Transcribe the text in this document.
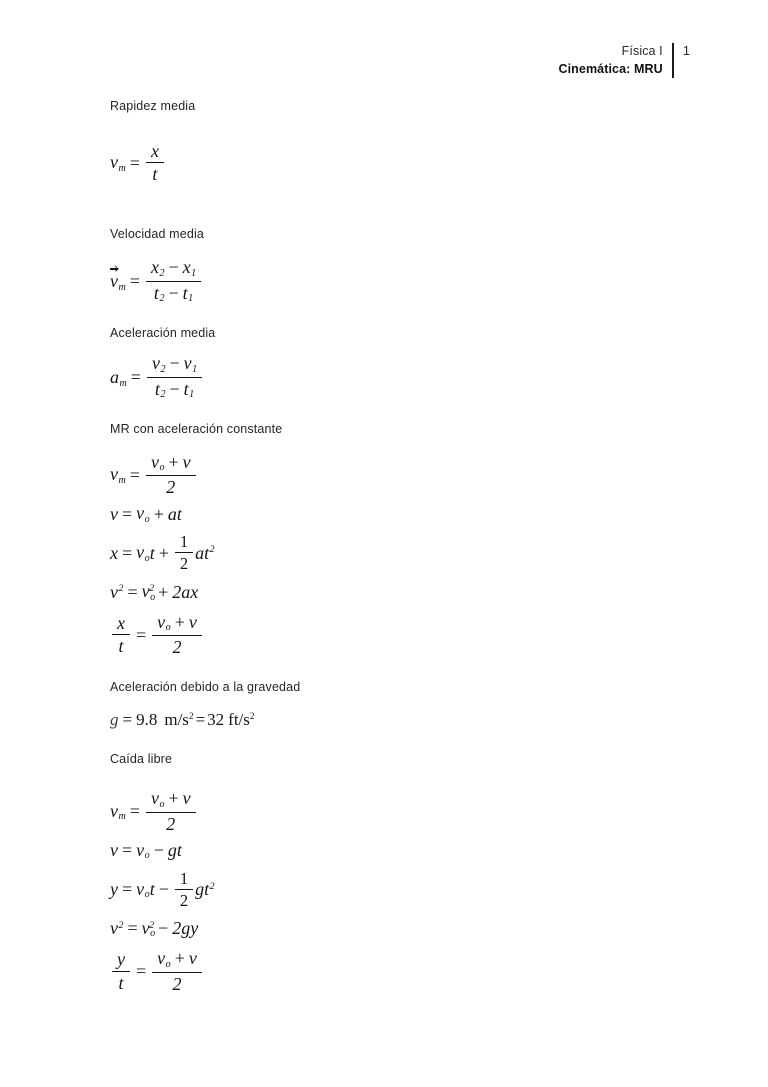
Física I
Cinemática: MRU
1
Rapidez media
$v_m = \frac{x}{t}$
Velocidad media
$v_m = \frac{x_2 - x_1}{t_2 - t_1}$
Aceleración media
$a_m = \frac{v_2 - v_1}{t_2 - t_1}$
MR con aceleración constante
$v_m = \frac{v_o + v}{2}$
$v = v_o$ + at
$x = v_o$ $t + \frac{1}{2}$ a $t^2$
$v^2 = v_o^2 + 2ax$
$\frac{x}{t} = \frac{v_o + v}{2}$
Aceleración debido a la gravedad
g = 9.8 $m/s^2 = 32$ $ft/s^2$
Caída libre
$v_m = \frac{v_o + v}{2}$
$v = v_o$ − gt
$y = v_o$ $t - \frac{1}{2}$ g $t^2$
$v^2 = v_o^2 - 2gy$
$\frac{y}{t} = \frac{v_o + v}{2}$
